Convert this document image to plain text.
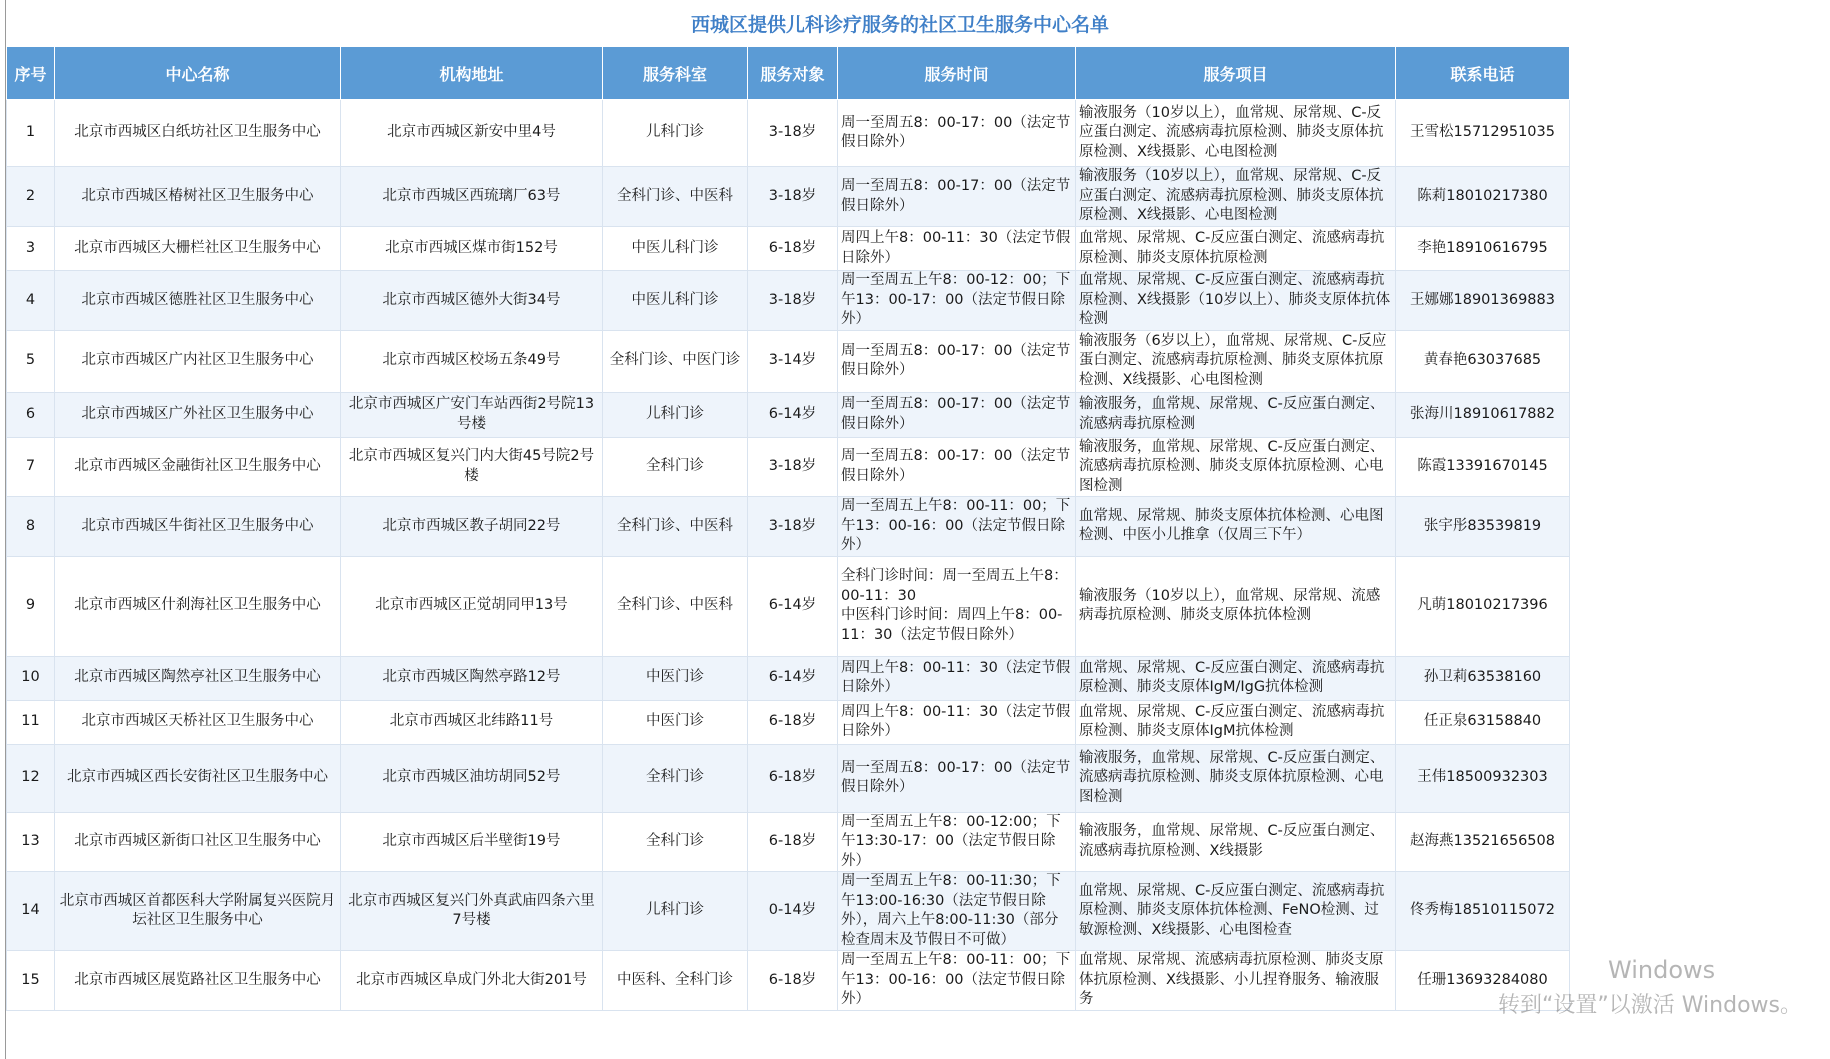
西城区提供儿科诊疗服务的社区卫生服务中心名单
序号	中心名称	机构地址	服务科室	服务对象	服务时间	服务项目	联系电话
1	北京市西城区白纸坊社区卫生服务中心	北京市西城区新安中里4号	儿科门诊	3-18岁	周一至周五8：00-17：00（法定节假日除外）	输液服务（10岁以上），血常规、尿常规、C-反应蛋白测定、流感病毒抗原检测、肺炎支原体抗原检测、X线摄影、心电图检测	王雪松15712951035
2	北京市西城区椿树社区卫生服务中心	北京市西城区西琉璃厂63号	全科门诊、中医科	3-18岁	周一至周五8：00-17：00（法定节假日除外）	输液服务（10岁以上），血常规、尿常规、C-反应蛋白测定、流感病毒抗原检测、肺炎支原体抗原检测、X线摄影、心电图检测	陈莉18010217380
3	北京市西城区大栅栏社区卫生服务中心	北京市西城区煤市街152号	中医儿科门诊	6-18岁	周四上午8：00-11：30（法定节假日除外）	血常规、尿常规、C-反应蛋白测定、流感病毒抗原检测、肺炎支原体抗原检测	李艳18910616795
4	北京市西城区德胜社区卫生服务中心	北京市西城区德外大街34号	中医儿科门诊	3-18岁	周一至周五上午8：00-12：00；下午13：00-17：00（法定节假日除外）	血常规、尿常规、C-反应蛋白测定、流感病毒抗原检测、X线摄影（10岁以上）、肺炎支原体抗体检测	王娜娜18901369883
5	北京市西城区广内社区卫生服务中心	北京市西城区校场五条49号	全科门诊、中医门诊	3-14岁	周一至周五8：00-17：00（法定节假日除外）	输液服务（6岁以上），血常规、尿常规、C-反应蛋白测定、流感病毒抗原检测、肺炎支原体抗原检测、X线摄影、心电图检测	黄春艳63037685
6	北京市西城区广外社区卫生服务中心	北京市西城区广安门车站西街2号院13号楼	儿科门诊	6-14岁	周一至周五8：00-17：00（法定节假日除外）	输液服务，血常规、尿常规、C-反应蛋白测定、流感病毒抗原检测	张海川18910617882
7	北京市西城区金融街社区卫生服务中心	北京市西城区复兴门内大街45号院2号楼	全科门诊	3-18岁	周一至周五8：00-17：00（法定节假日除外）	输液服务，血常规、尿常规、C-反应蛋白测定、流感病毒抗原检测、肺炎支原体抗原检测、心电图检测	陈霞13391670145
8	北京市西城区牛街社区卫生服务中心	北京市西城区教子胡同22号	全科门诊、中医科	3-18岁	周一至周五上午8：00-11：00；下午13：00-16：00（法定节假日除外）	血常规、尿常规、肺炎支原体抗体检测、心电图检测、中医小儿推拿（仅周三下午）	张宇彤83539819
9	北京市西城区什刹海社区卫生服务中心	北京市西城区正觉胡同甲13号	全科门诊、中医科	6-14岁	全科门诊时间：周一至周五上午8：00-11：30
中医科门诊时间：周四上午8：00-11：30（法定节假日除外）	输液服务（10岁以上），血常规、尿常规、流感病毒抗原检测、肺炎支原体抗体检测	凡萌18010217396
10	北京市西城区陶然亭社区卫生服务中心	北京市西城区陶然亭路12号	中医门诊	6-14岁	周四上午8：00-11：30（法定节假日除外）	血常规、尿常规、C-反应蛋白测定、流感病毒抗原检测、肺炎支原体IgM/IgG抗体检测	孙卫莉63538160
11	北京市西城区天桥社区卫生服务中心	北京市西城区北纬路11号	中医门诊	6-18岁	周四上午8：00-11：30（法定节假日除外）	血常规、尿常规、C-反应蛋白测定、流感病毒抗原检测、肺炎支原体IgM抗体检测	任正泉63158840
12	北京市西城区西长安街社区卫生服务中心	北京市西城区油坊胡同52号	全科门诊	6-18岁	周一至周五8：00-17：00（法定节假日除外）	输液服务，血常规、尿常规、C-反应蛋白测定、流感病毒抗原检测、肺炎支原体抗原检测、心电图检测	王伟18500932303
13	北京市西城区新街口社区卫生服务中心	北京市西城区后半壁街19号	全科门诊	6-18岁	周一至周五上午8：00-12:00；下午13:30-17：00（法定节假日除外）	输液服务，血常规、尿常规、C-反应蛋白测定、流感病毒抗原检测、X线摄影	赵海燕13521656508
14	北京市西城区首都医科大学附属复兴医院月坛社区卫生服务中心	北京市西城区复兴门外真武庙四条六里7号楼	儿科门诊	0-14岁	周一至周五上午8：00-11:30；下午13:00-16:30（法定节假日除外），周六上午8:00-11:30（部分检查周末及节假日不可做）	血常规、尿常规、C-反应蛋白测定、流感病毒抗原检测、肺炎支原体抗体检测、FeNO检测、过敏源检测、X线摄影、心电图检查	佟秀梅18510115072
15	北京市西城区展览路社区卫生服务中心	北京市西城区阜成门外北大街201号	中医科、全科门诊	6-18岁	周一至周五上午8：00-11：00；下午13：00-16：00（法定节假日除外）	血常规、尿常规、流感病毒抗原检测、肺炎支原体抗原检测、X线摄影、小儿捏脊服务、输液服务	任珊13693284080	Windows
转到“设置”以激活 Windows。
